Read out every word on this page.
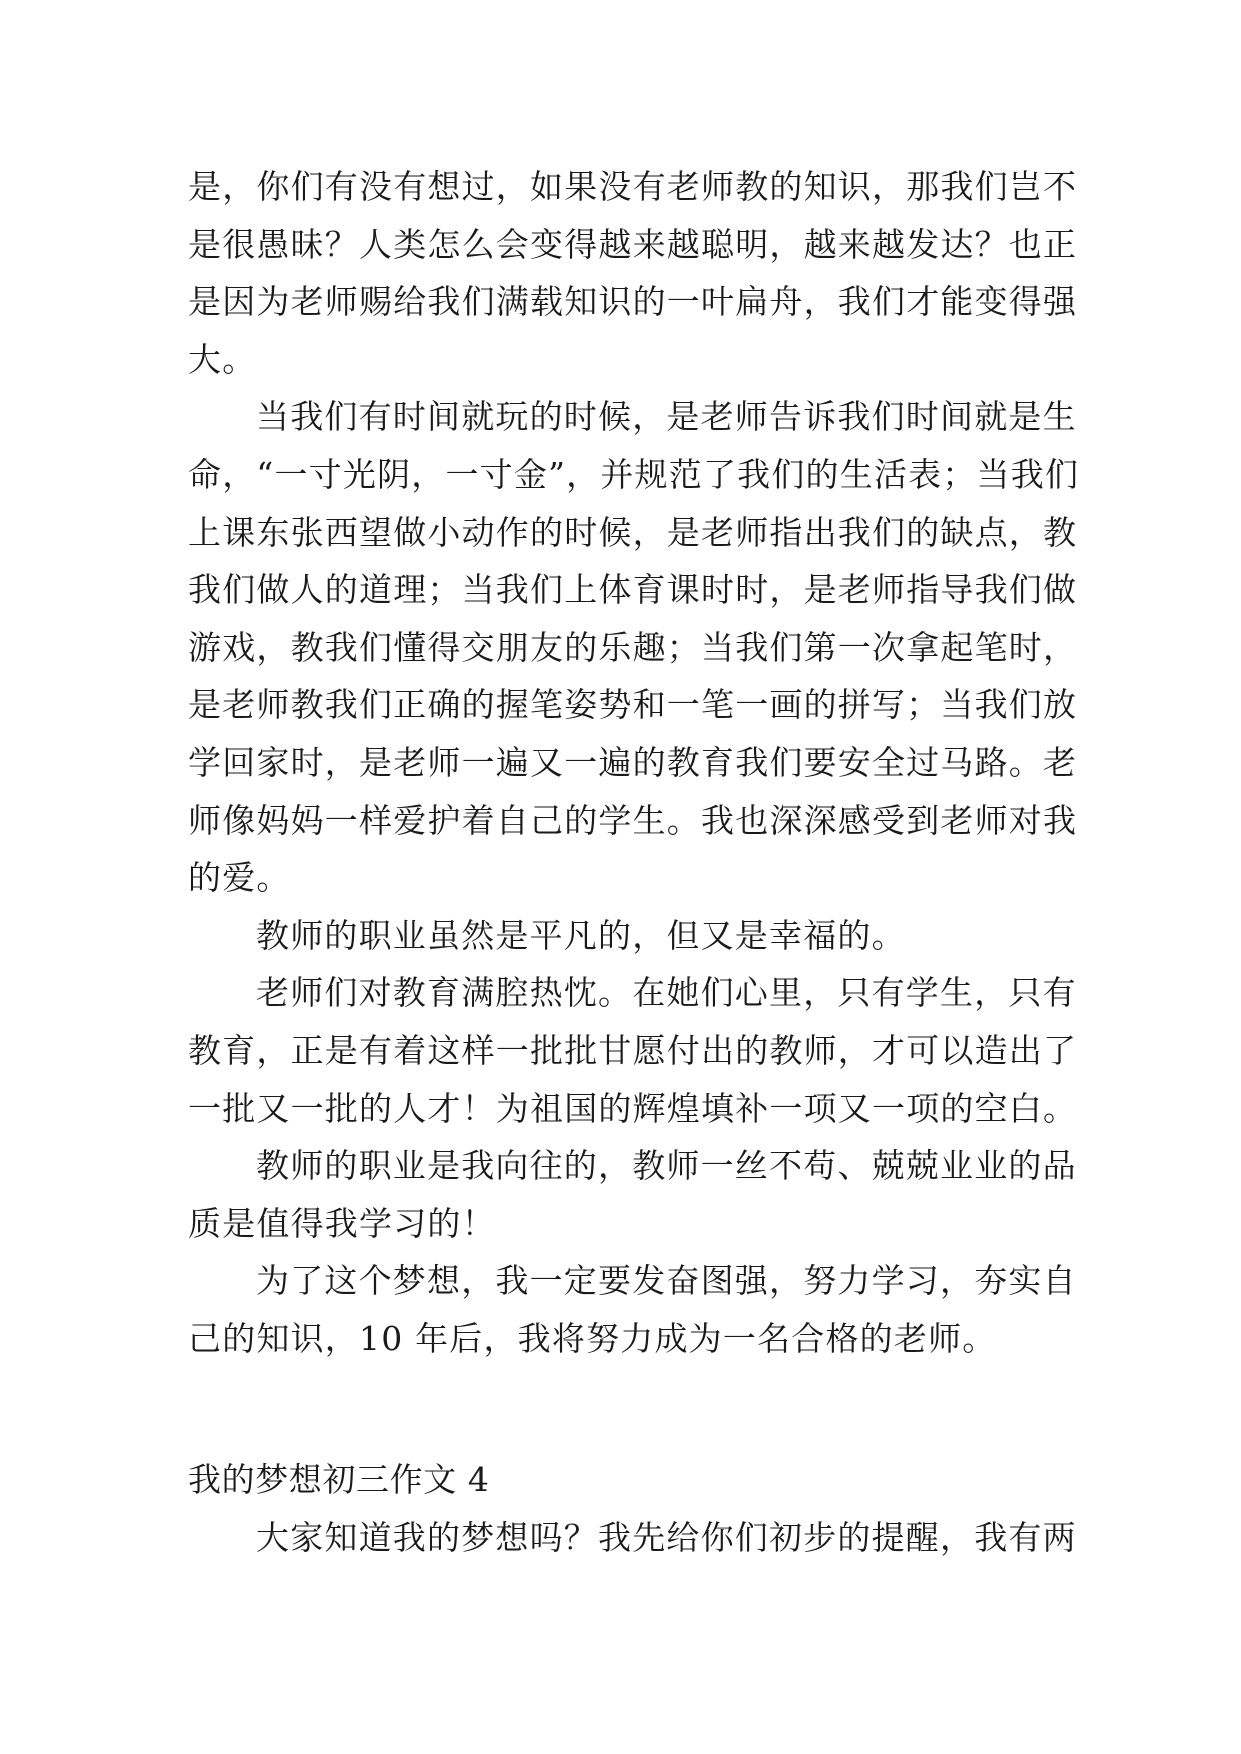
是，你们有没有想过，如果没有老师教的知识，那我们岂不
是很愚昧？人类怎么会变得越来越聪明，越来越发达？也正
是因为老师赐给我们满载知识的一叶扁舟，我们才能变得强
大。
当我们有时间就玩的时候，是老师告诉我们时间就是生
命，“一寸光阴，一寸金”，并规范了我们的生活表；当我们
上课东张西望做小动作的时候，是老师指出我们的缺点，教
我们做人的道理；当我们上体育课时时，是老师指导我们做
游戏，教我们懂得交朋友的乐趣；当我们第一次拿起笔时，
是老师教我们正确的握笔姿势和一笔一画的拼写；当我们放
学回家时，是老师一遍又一遍的教育我们要安全过马路。老
师像妈妈一样爱护着自己的学生。我也深深感受到老师对我
的爱。
教师的职业虽然是平凡的，但又是幸福的。
老师们对教育满腔热忱。在她们心里，只有学生，只有
教育，正是有着这样一批批甘愿付出的教师，才可以造出了
一批又一批的人才！为祖国的辉煌填补一项又一项的空白。
教师的职业是我向往的，教师一丝不苟、兢兢业业的品
质是值得我学习的！
为了这个梦想，我一定要发奋图强，努力学习，夯实自
己的知识，10 年后，我将努力成为一名合格的老师。
我的梦想初三作文 4
大家知道我的梦想吗？我先给你们初步的提醒，我有两
